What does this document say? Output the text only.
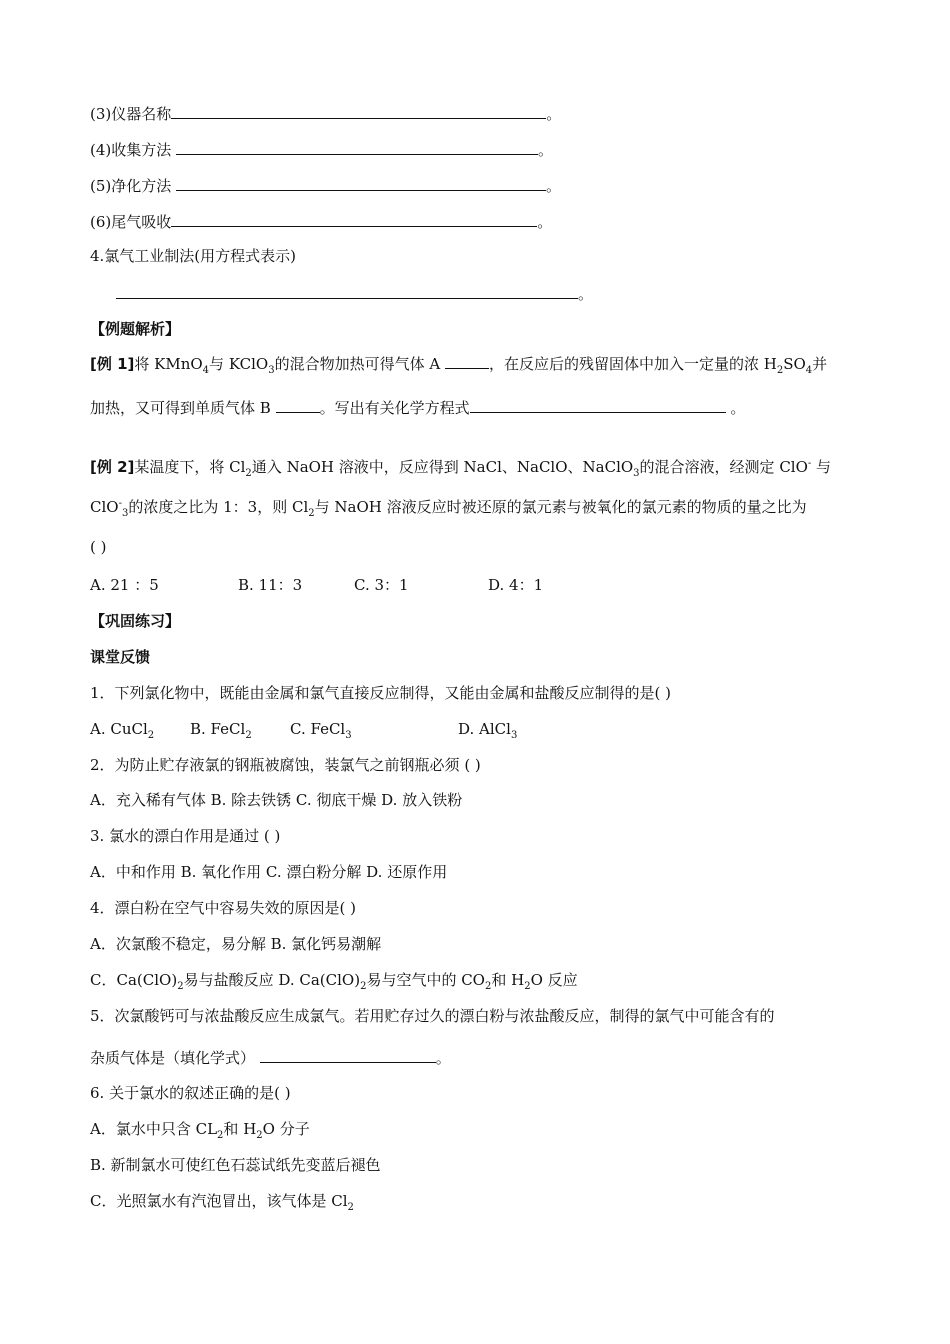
(3)仪器名称	。
(4)收集方法	。
(5)净化方法	。
(6)尾气吸收	。
4.氯气工业制法(用方程式表示)
。
【例题解析】
[例 1]将 KMnO$_4$与 KClO$_3$的混合物加热可得气体 A	，在反应后的残留固体中加入一定量的浓 $H_2SO_4$并
加热，又可得到单质气体 B	。写出有关化学方程式	。
[例 2]某温度下，将 $Cl_2$通入 NaOH 溶液中，反应得到 NaCl、NaClO、NaClO$_3$的混合溶液，经测定 ClO- 与
ClO-$_3$的浓度之比为 1：3，则 $Cl_2$与 NaOH 溶液反应时被还原的氯元素与被氧化的氯元素的物质的量之比为
( )
A. 21 ：5	B. 11：3	C. 3：1	D. 4：1
【巩固练习】
课堂反馈
1．下列氯化物中，既能由金属和氯气直接反应制得，又能由金属和盐酸反应制得的是( )
A. CuCl$_2$ B. FeCl$_2$	C. FeCl$_3$	D. AlCl$_3$
2．为防止贮存液氯的钢瓶被腐蚀，装氯气之前钢瓶必须 ( )
A．充入稀有气体 B. 除去铁锈 C. 彻底干燥 D. 放入铁粉
3. 氯水的漂白作用是通过 ( )
A．中和作用 B. 氧化作用 C. 漂白粉分解 D. 还原作用
4．漂白粉在空气中容易失效的原因是( )
A．次氯酸不稳定，易分解 B. 氯化钙易潮解
C．$Ca(ClO)_2$易与盐酸反应 D. $Ca(ClO)_2$易与空气中的 $CO_2$和 $H_2O$ 反应
5．次氯酸钙可与浓盐酸反应生成氯气。若用贮存过久的漂白粉与浓盐酸反应，制得的氯气中可能含有的
杂质气体是（填化学式）	。
6. 关于氯水的叙述正确的是( )
A．氯水中只含 $CL_2$和 $H_2O$ 分子
B. 新制氯水可使红色石蕊试纸先变蓝后褪色
C．光照氯水有汽泡冒出，该气体是 $Cl_2$
